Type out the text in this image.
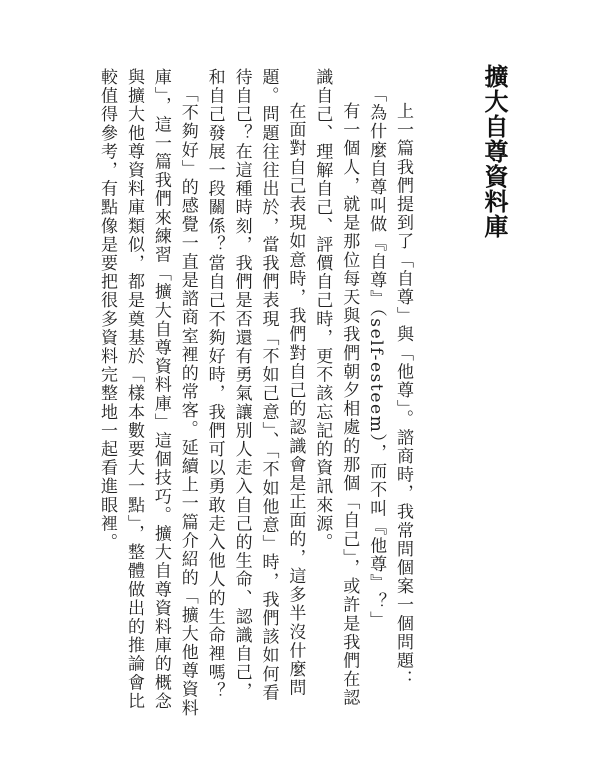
擴大自尊資料庫

上一篇我們提到了「自尊」與「他尊」。諮商時，我常問個案一個問題：

「為什麼自尊叫做『自尊』（self-esteem），而不叫『他尊』？」

有一個人，就是那位每天與我們朝夕相處的那個「自己」，或許是我們在認識自己、理解自己、評價自己時，更不該忘記的資訊來源。

在面對自己表現如意時，我們對自己的認識會是正面的，這多半沒什麼問題。問題往往出於，當我們表現「不如己意」、「不如他意」時，我們該如何看待自己？在這種時刻，我們是否還有勇氣讓別人走入自己的生命、認識自己，和自己發展一段關係？當自己不夠好時，我們可以勇敢走入他人的生命裡嗎？

「不夠好」的感覺一直是諮商室裡的常客。延續上一篇介紹的「擴大他尊資料庫」，這一篇我們來練習「擴大自尊資料庫」這個技巧。擴大自尊資料庫的概念與擴大他尊資料庫類似，都是奠基於「樣本數要大一點」，整體做出的推論會比較值得參考，有點像是要把很多資料完整地一起看進眼裡。
